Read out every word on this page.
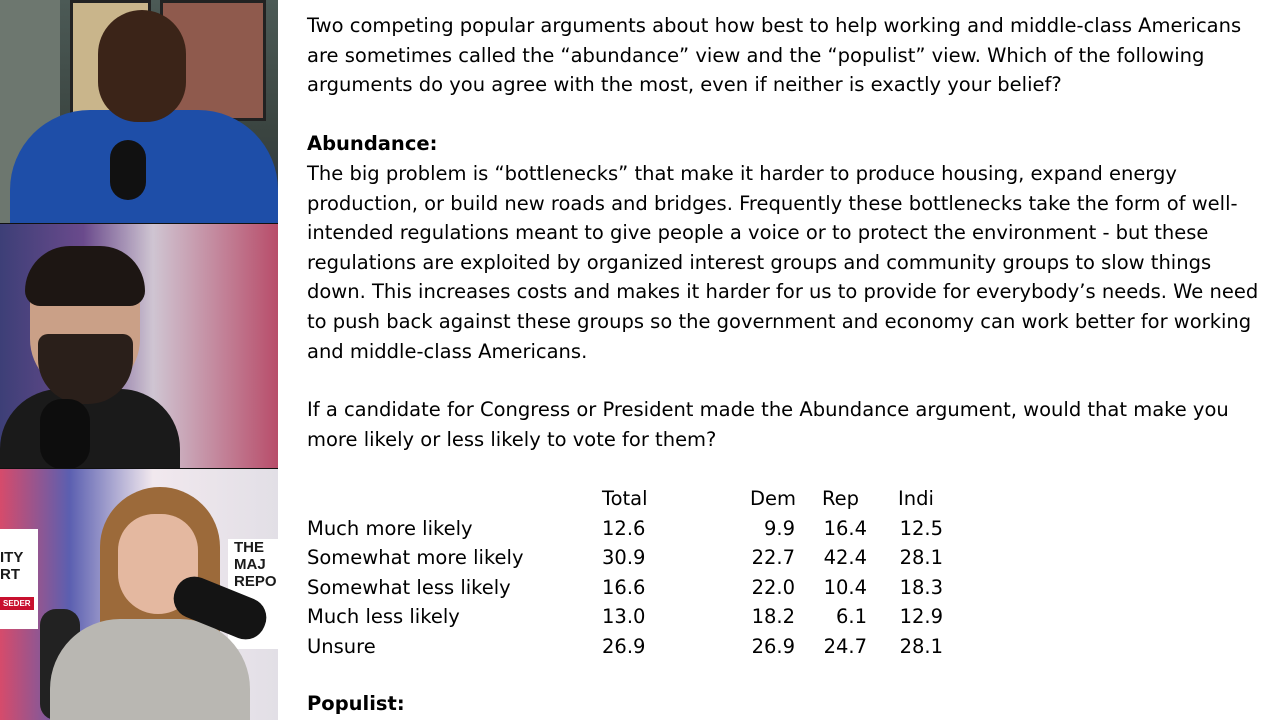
SEDER
ITY
RT
THE
MAJ
REPO

Two competing popular arguments about how best to help working and middle-class Americans are sometimes called the “abundance” view and the “populist” view. Which of the following arguments do you agree with the most, even if neither is exactly your belief?

Abundance:

The big problem is “bottlenecks” that make it harder to produce housing, expand energy production, or build new roads and bridges. Frequently these bottlenecks take the form of well-intended regulations meant to give people a voice or to protect the environment - but these regulations are exploited by organized interest groups and community groups to slow things down. This increases costs and makes it harder for us to provide for everybody’s needs. We need to push back against these groups so the government and economy can work better for working and middle-class Americans.

If a candidate for Congress or President made the Abundance argument, would that make you more likely or less likely to vote for them?

Total	Dem Rep	Indi
Much more likely	12.6	9.9 16.4 12.5
Somewhat more likely	30.9	22.7 42.4 28.1
Somewhat less likely	16.6	22.0 10.4 18.3
Much less likely	13.0	18.2	6.1 12.9
Unsure	26.9	26.9 24.7 28.1

Populist:
